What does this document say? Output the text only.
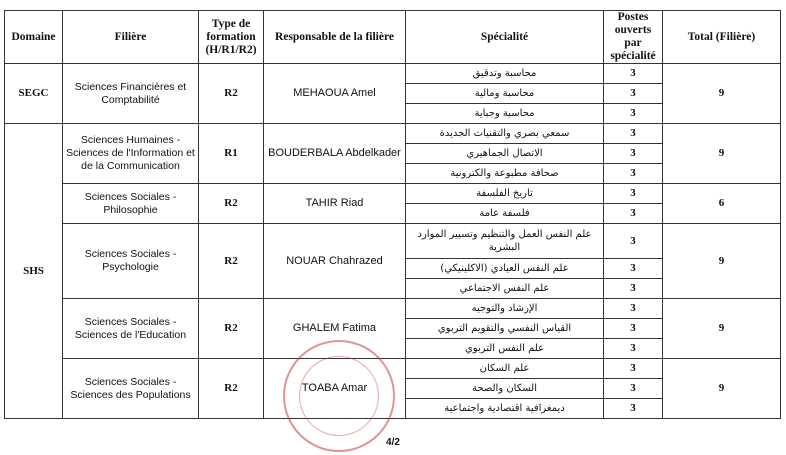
Domaine	Filière	Type de formation (H/R1/R2)	Responsable de la filière	Spécialité	Postes ouverts par spécialité	Total (Filière)
SEGC	Sciences Financières et Comptabilité	R2	MEHAOUA Amel	محاسبة وتدقيق	3	9
				محاسبة ومالية	3	
				محاسبة وجباية	3	
SHS	Sciences Humaines - Sciences de l'Information et de la Communication	R1	BOUDERBALA Abdelkader	سمعي بصري والتقنيات الجديدة	3	9
				الاتصال الجماهيري	3	
				صحافة مطبوعة والكترونية	3	
	Sciences Sociales - Philosophie	R2	TAHIR Riad	تاريخ الفلسفة	3	6
				فلسفة عامة	3	
	Sciences Sociales - Psychologie	R2	NOUAR Chahrazed	علم النفس العمل والتنظيم وتسيير الموارد البشرية	3	9
				علم النفس العيادي (الاكلينيكي)	3	
				علم النفس الاجتماعي	3	
	Sciences Sociales - Sciences de l'Education	R2	GHALEM Fatima	الإرشاد والتوجيه	3	9
				القياس النفسي والتقويم التربوي	3	
				علم النفس التربوي	3	
	Sciences Sociales - Sciences des Populations	R2	TOABA Amar	علم السكان	3	9
				السكان والصحة	3	
				ديمغرافية اقتصادية واجتماعية	3	
4/2
